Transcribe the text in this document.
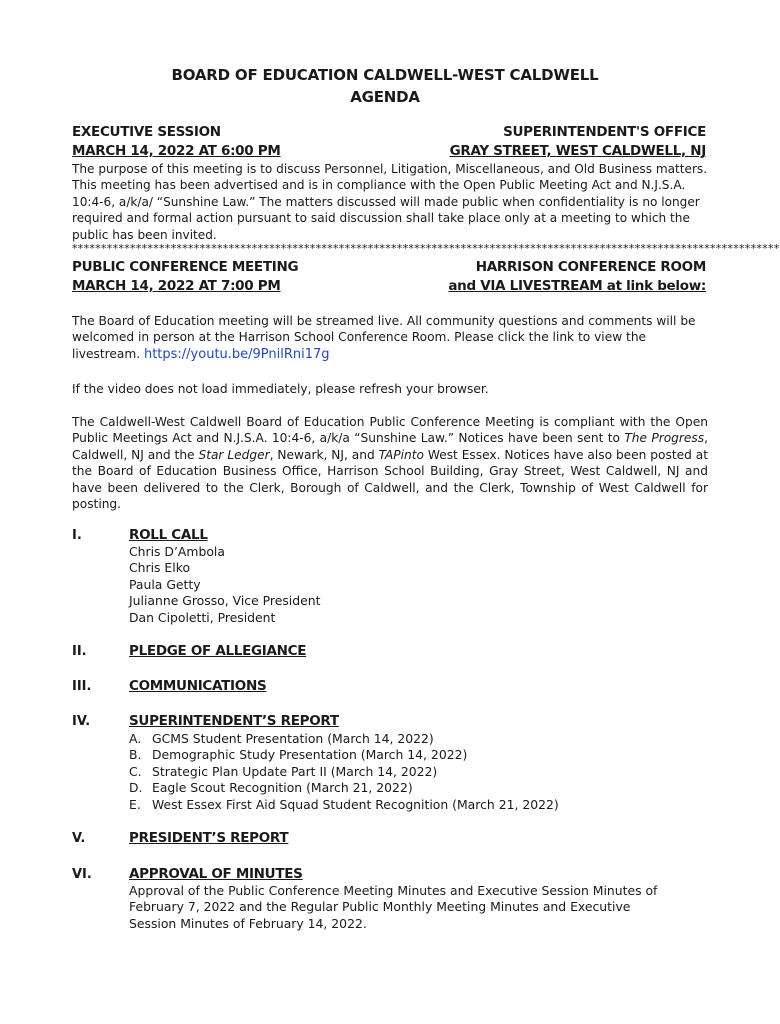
BOARD OF EDUCATION CALDWELL-WEST CALDWELL
AGENDA
EXECUTIVE SESSION
MARCH 14, 2022 AT 6:00 PM
SUPERINTENDENT'S OFFICE
GRAY STREET, WEST CALDWELL, NJ
The purpose of this meeting is to discuss Personnel, Litigation, Miscellaneous, and Old Business matters. This meeting has been advertised and is in compliance with the Open Public Meeting Act and N.J.S.A. 10:4-6, a/k/a/ “Sunshine Law.” The matters discussed will made public when confidentiality is no longer required and formal action pursuant to said discussion shall take place only at a meeting to which the public has been invited.
**************************************************************************************************************************
PUBLIC CONFERENCE MEETING
MARCH 14, 2022 AT 7:00 PM
HARRISON CONFERENCE ROOM
and VIA LIVESTREAM at link below:
The Board of Education meeting will be streamed live. All community questions and comments will be welcomed in person at the Harrison School Conference Room. Please click the link to view the livestream. https://youtu.be/9PnilRni17g
If the video does not load immediately, please refresh your browser.
The Caldwell-West Caldwell Board of Education Public Conference Meeting is compliant with the Open Public Meetings Act and N.J.S.A. 10:4-6, a/k/a “Sunshine Law.” Notices have been sent to The Progress, Caldwell, NJ and the Star Ledger, Newark, NJ, and TAPinto West Essex. Notices have also been posted at the Board of Education Business Office, Harrison School Building, Gray Street, West Caldwell, NJ and have been delivered to the Clerk, Borough of Caldwell, and the Clerk, Township of West Caldwell for posting.
I.	ROLL CALL
Chris D’Ambola
Chris Elko
Paula Getty
Julianne Grosso, Vice President
Dan Cipoletti, President
II.	PLEDGE OF ALLEGIANCE
III.	COMMUNICATIONS
IV.	SUPERINTENDENT’S REPORT
A. GCMS Student Presentation (March 14, 2022)
B. Demographic Study Presentation (March 14, 2022)
C. Strategic Plan Update Part II (March 14, 2022)
D. Eagle Scout Recognition (March 21, 2022)
E. West Essex First Aid Squad Student Recognition (March 21, 2022)
V.	PRESIDENT’S REPORT
VI.	APPROVAL OF MINUTES
Approval of the Public Conference Meeting Minutes and Executive Session Minutes of February 7, 2022 and the Regular Public Monthly Meeting Minutes and Executive Session Minutes of February 14, 2022.
